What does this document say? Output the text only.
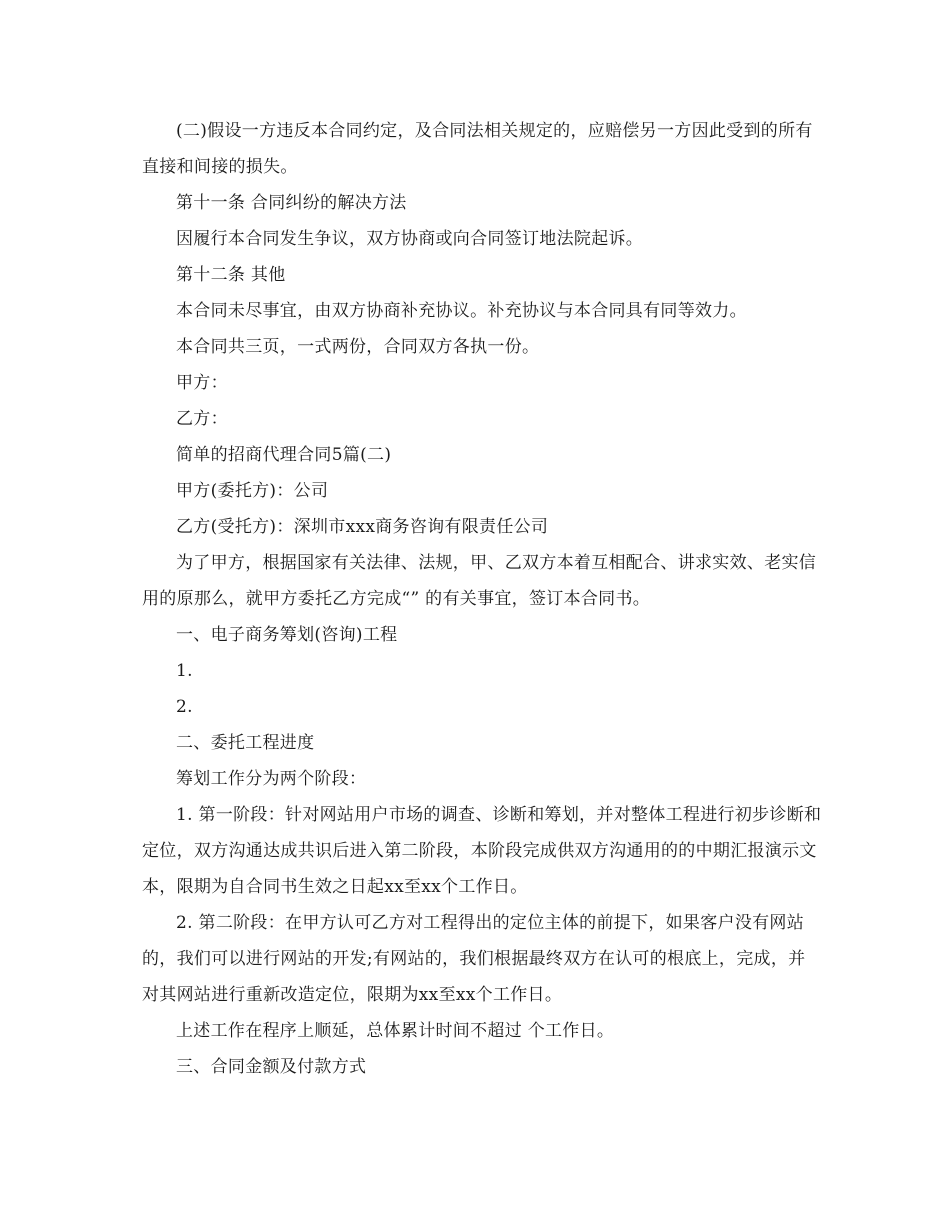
(二)假设一方违反本合同约定，及合同法相关规定的，应赔偿另一方因此受到的所有直接和间接的损失。

第十一条 合同纠纷的解决方法

因履行本合同发生争议，双方协商或向合同签订地法院起诉。

第十二条 其他

本合同未尽事宜，由双方协商补充协议。补充协议与本合同具有同等效力。

本合同共三页，一式两份，合同双方各执一份。

甲方：

乙方：

简单的招商代理合同5篇(二)

甲方(委托方)：公司

乙方(受托方)：深圳市xxx商务咨询有限责任公司

为了甲方，根据国家有关法律、法规，甲、乙双方本着互相配合、讲求实效、老实信用的原那么，就甲方委托乙方完成“” 的有关事宜，签订本合同书。

一、电子商务筹划(咨询)工程

1.

2.

二、委托工程进度

筹划工作分为两个阶段：

1. 第一阶段：针对网站用户市场的调查、诊断和筹划，并对整体工程进行初步诊断和定位，双方沟通达成共识后进入第二阶段，本阶段完成供双方沟通用的的中期汇报演示文本，限期为自合同书生效之日起xx至xx个工作日。

2. 第二阶段：在甲方认可乙方对工程得出的定位主体的前提下，如果客户没有网站的，我们可以进行网站的开发;有网站的，我们根据最终双方在认可的根底上，完成，并对其网站进行重新改造定位，限期为xx至xx个工作日。

上述工作在程序上顺延，总体累计时间不超过 个工作日。

三、合同金额及付款方式
